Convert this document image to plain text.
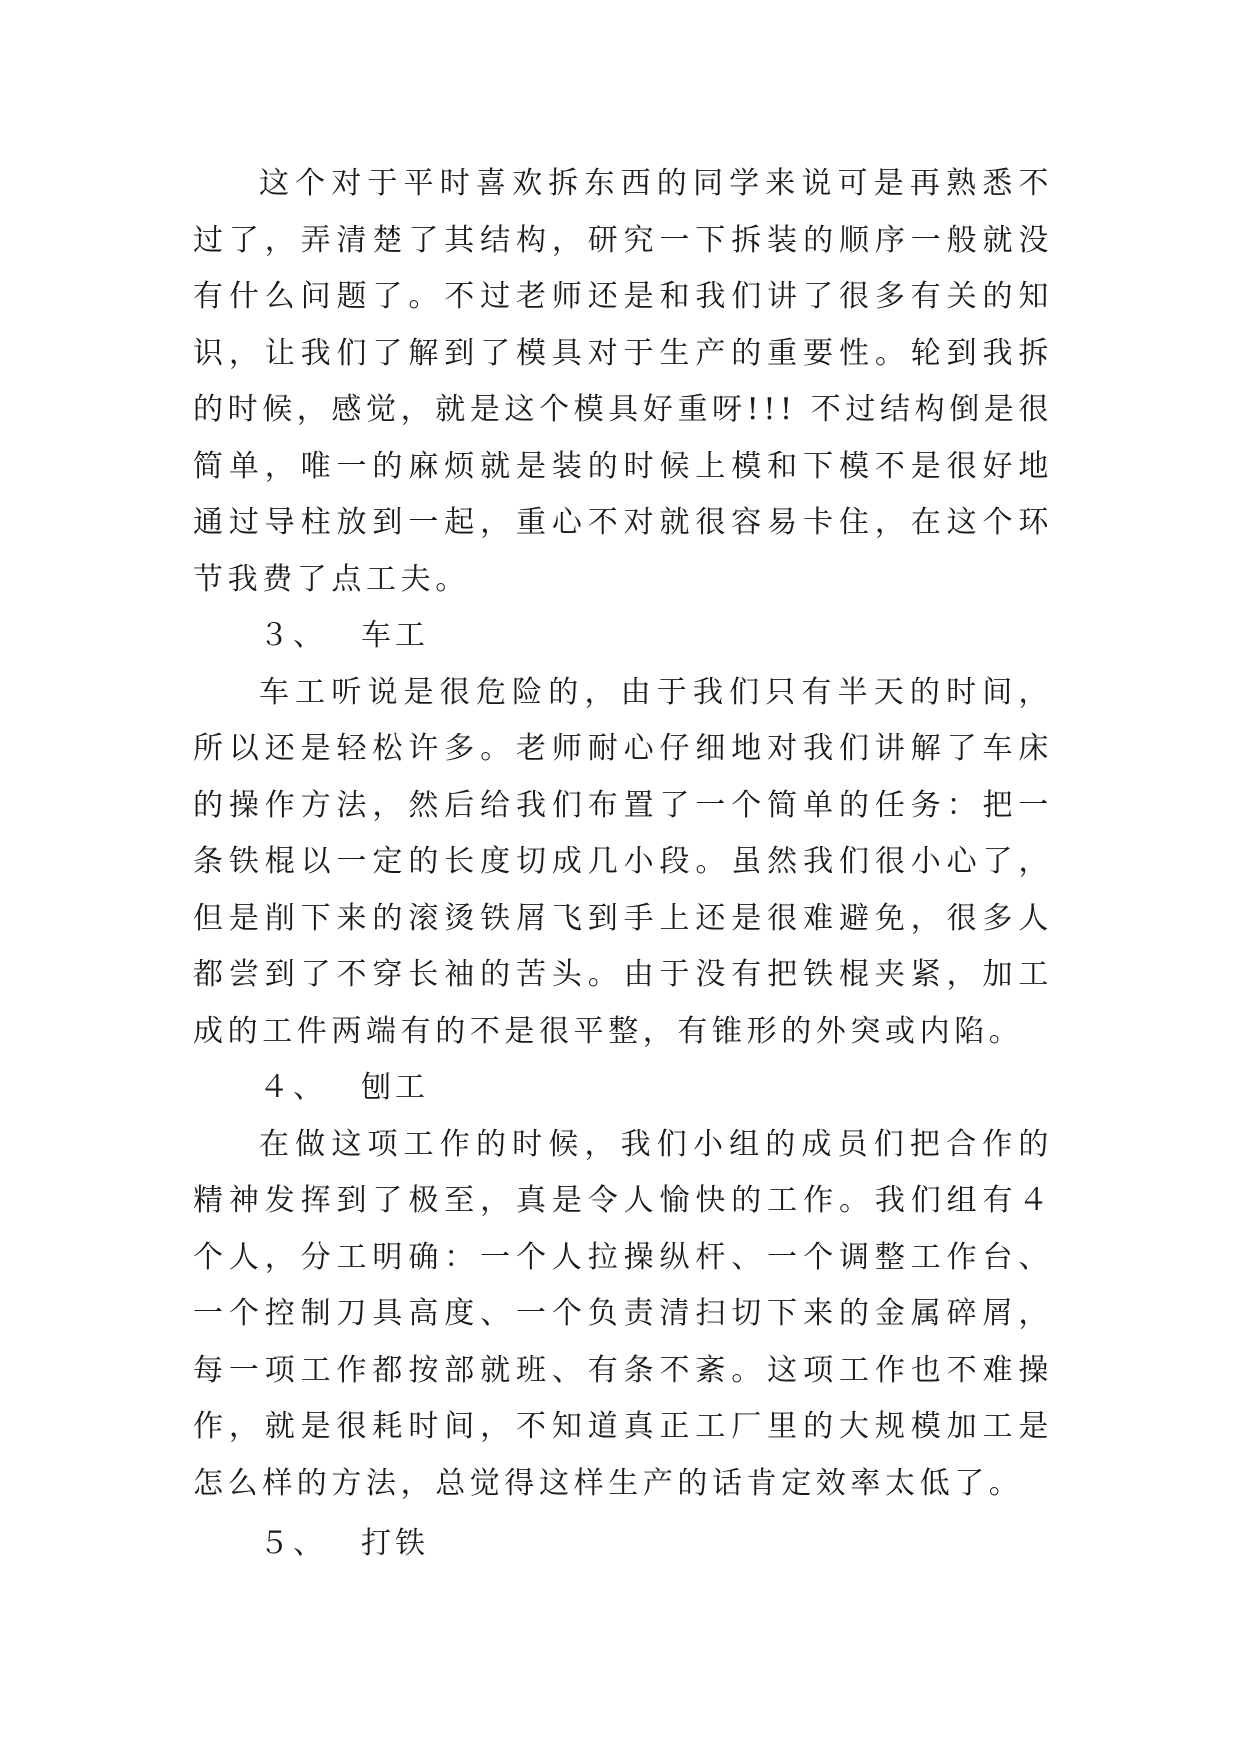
这个对于平时喜欢拆东西的同学来说可是再熟悉不过了，弄清楚了其结构，研究一下拆装的顺序一般就没有什么问题了。不过老师还是和我们讲了很多有关的知识，让我们了解到了模具对于生产的重要性。轮到我拆的时候，感觉，就是这个模具好重呀!!! 不过结构倒是很简单，唯一的麻烦就是装的时候上模和下模不是很好地通过导柱放到一起，重心不对就很容易卡住，在这个环节我费了点工夫。

３、 车工

车工听说是很危险的，由于我们只有半天的时间，所以还是轻松许多。老师耐心仔细地对我们讲解了车床的操作方法，然后给我们布置了一个简单的任务：把一条铁棍以一定的长度切成几小段。虽然我们很小心了，但是削下来的滚烫铁屑飞到手上还是很难避免，很多人都尝到了不穿长袖的苦头。由于没有把铁棍夹紧，加工成的工件两端有的不是很平整，有锥形的外突或内陷。

４、 刨工

在做这项工作的时候，我们小组的成员们把合作的精神发挥到了极至，真是令人愉快的工作。我们组有４个人，分工明确：一个人拉操纵杆、一个调整工作台、一个控制刀具高度、一个负责清扫切下来的金属碎屑，每一项工作都按部就班、有条不紊。这项工作也不难操作，就是很耗时间，不知道真正工厂里的大规模加工是怎么样的方法，总觉得这样生产的话肯定效率太低了。

５、 打铁
